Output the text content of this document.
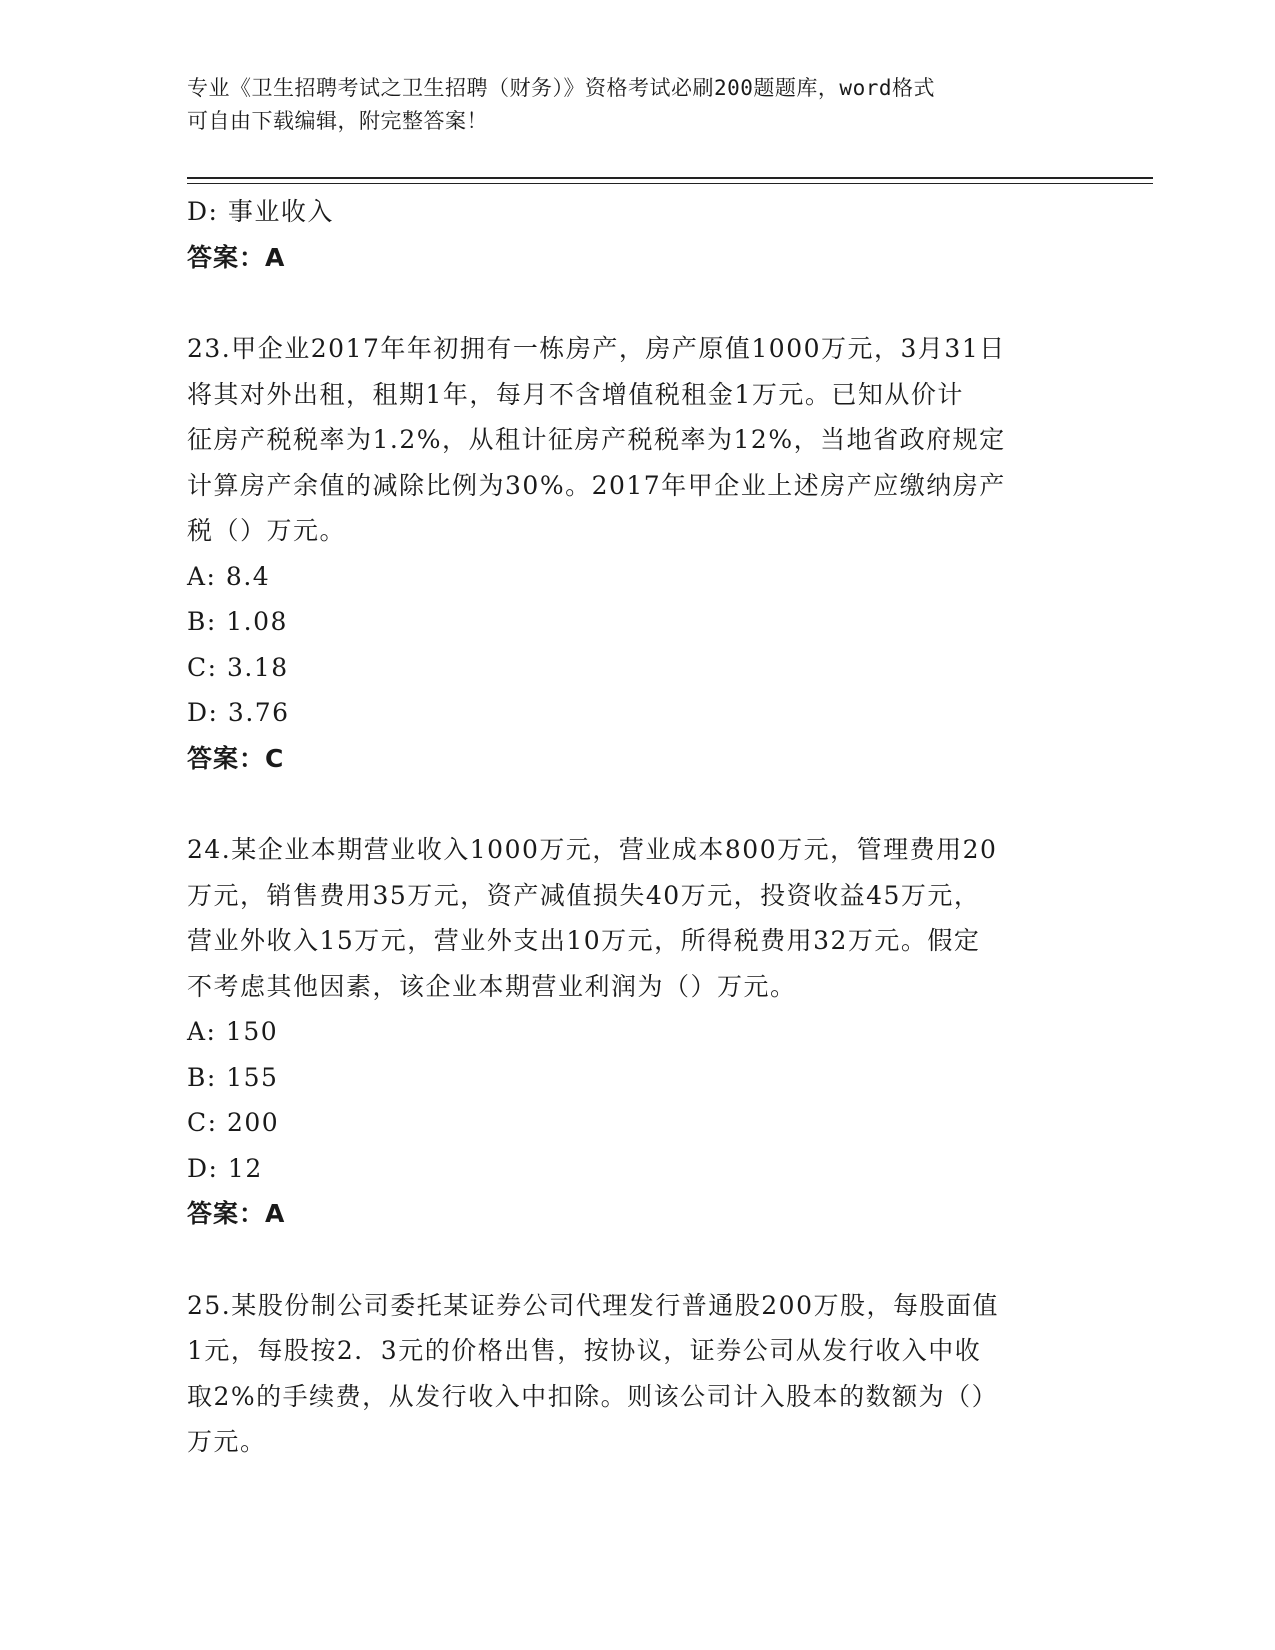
专业《卫生招聘考试之卫生招聘（财务）》资格考试必刷200题题库，word格式
可自由下载编辑，附完整答案！

D: 事业收入

答案：A

23.甲企业2017年年初拥有一栋房产，房产原值1000万元，3月31日

将其对外出租，租期1年，每月不含增值税租金1万元。已知从价计

征房产税税率为1.2%，从租计征房产税税率为12%，当地省政府规定

计算房产余值的减除比例为30%。2017年甲企业上述房产应缴纳房产

税（）万元。

A: 8.4

B: 1.08

C: 3.18

D: 3.76

答案：C

24.某企业本期营业收入1000万元，营业成本800万元，管理费用20

万元，销售费用35万元，资产减值损失40万元，投资收益45万元，

营业外收入15万元，营业外支出10万元，所得税费用32万元。假定

不考虑其他因素，该企业本期营业利润为（）万元。

A: 150

B: 155

C: 200

D: 12

答案：A

25.某股份制公司委托某证券公司代理发行普通股200万股，每股面值

1元，每股按2．3元的价格出售，按协议，证券公司从发行收入中收

取2%的手续费，从发行收入中扣除。则该公司计入股本的数额为（）

万元。
